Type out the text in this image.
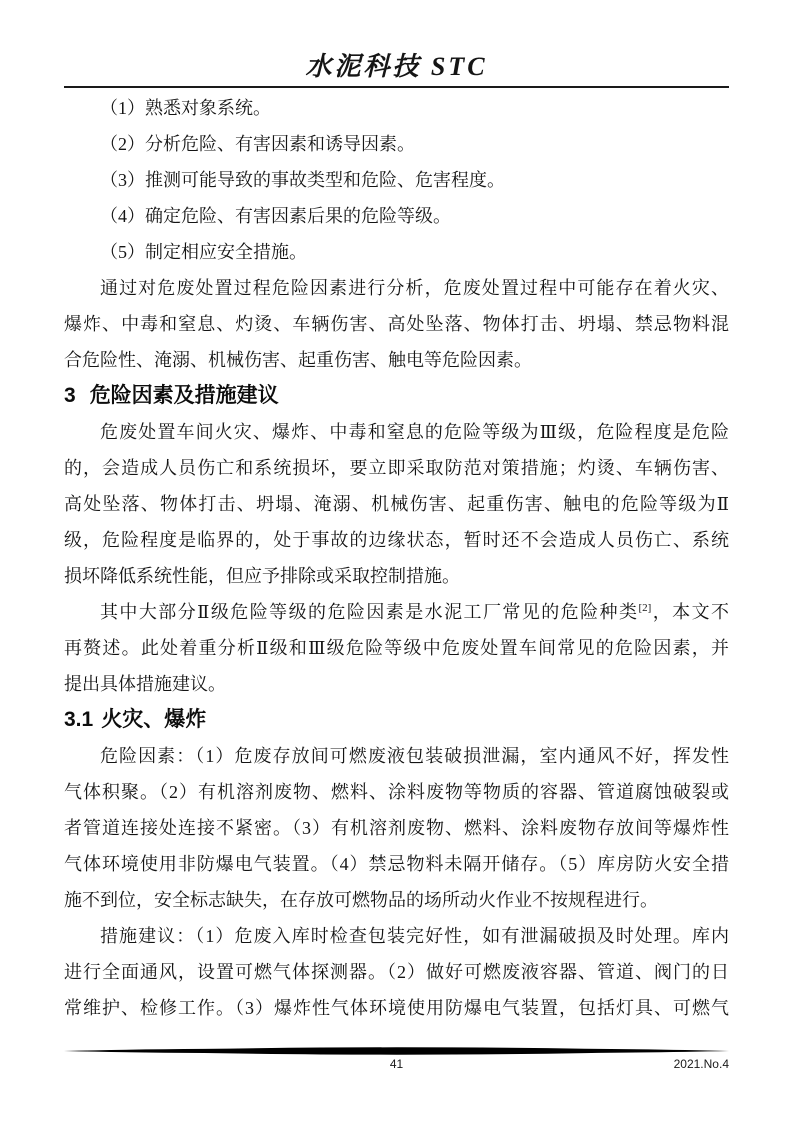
水泥科技 STC
（1）熟悉对象系统。
（2）分析危险、有害因素和诱导因素。
（3）推测可能导致的事故类型和危险、危害程度。
（4）确定危险、有害因素后果的危险等级。
（5）制定相应安全措施。
通过对危废处置过程危险因素进行分析，危废处置过程中可能存在着火灾、
爆炸、中毒和窒息、灼烫、车辆伤害、高处坠落、物体打击、坍塌、禁忌物料混
合危险性、淹溺、机械伤害、起重伤害、触电等危险因素。
3 危险因素及措施建议
危废处置车间火灾、爆炸、中毒和窒息的危险等级为Ⅲ级，危险程度是危险
的，会造成人员伤亡和系统损坏，要立即采取防范对策措施；灼烫、车辆伤害、
高处坠落、物体打击、坍塌、淹溺、机械伤害、起重伤害、触电的危险等级为Ⅱ
级，危险程度是临界的，处于事故的边缘状态，暂时还不会造成人员伤亡、系统
损坏降低系统性能，但应予排除或采取控制措施。
其中大部分Ⅱ级危险等级的危险因素是水泥工厂常见的危险种类[2]，本文不
再赘述。此处着重分析Ⅱ级和Ⅲ级危险等级中危废处置车间常见的危险因素，并
提出具体措施建议。
3.1 火灾、爆炸
危险因素：（1）危废存放间可燃废液包装破损泄漏，室内通风不好，挥发性
气体积聚。（2）有机溶剂废物、燃料、涂料废物等物质的容器、管道腐蚀破裂或
者管道连接处连接不紧密。（3）有机溶剂废物、燃料、涂料废物存放间等爆炸性
气体环境使用非防爆电气装置。（4）禁忌物料未隔开储存。（5）库房防火安全措
施不到位，安全标志缺失，在存放可燃物品的场所动火作业不按规程进行。
措施建议：（1）危废入库时检查包装完好性，如有泄漏破损及时处理。库内
进行全面通风，设置可燃气体探测器。（2）做好可燃废液容器、管道、阀门的日
常维护、检修工作。（3）爆炸性气体环境使用防爆电气装置，包括灯具、可燃气
41	2021.No.4
